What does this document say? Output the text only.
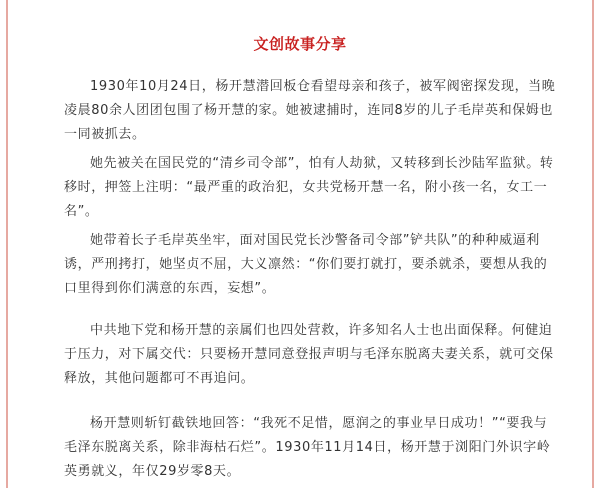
文创故事分享

1930年10月24日，杨开慧潜回板仓看望母亲和孩子，被军阀密探发现，当晚凌晨80余人团团包围了杨开慧的家。她被逮捕时，连同8岁的儿子毛岸英和保姆也一同被抓去。

她先被关在国民党的“清乡司令部”，怕有人劫狱，又转移到长沙陆军监狱。转移时，押签上注明：“最严重的政治犯，女共党杨开慧一名，附小孩一名，女工一名”。

她带着长子毛岸英坐牢，面对国民党长沙警备司令部”铲共队”的种种威逼利诱，严刑拷打，她坚贞不屈，大义凛然：“你们要打就打，要杀就杀，要想从我的口里得到你们满意的东西，妄想”。

中共地下党和杨开慧的亲属们也四处营救，许多知名人士也出面保释。何健迫于压力，对下属交代：只要杨开慧同意登报声明与毛泽东脱离夫妻关系，就可交保释放，其他问题都可不再追问。

杨开慧则斩钉截铁地回答：“我死不足惜，愿润之的事业早日成功！”“要我与毛泽东脱离关系，除非海枯石烂”。1930年11月14日，杨开慧于浏阳门外识字岭英勇就义，年仅29岁零8天。
